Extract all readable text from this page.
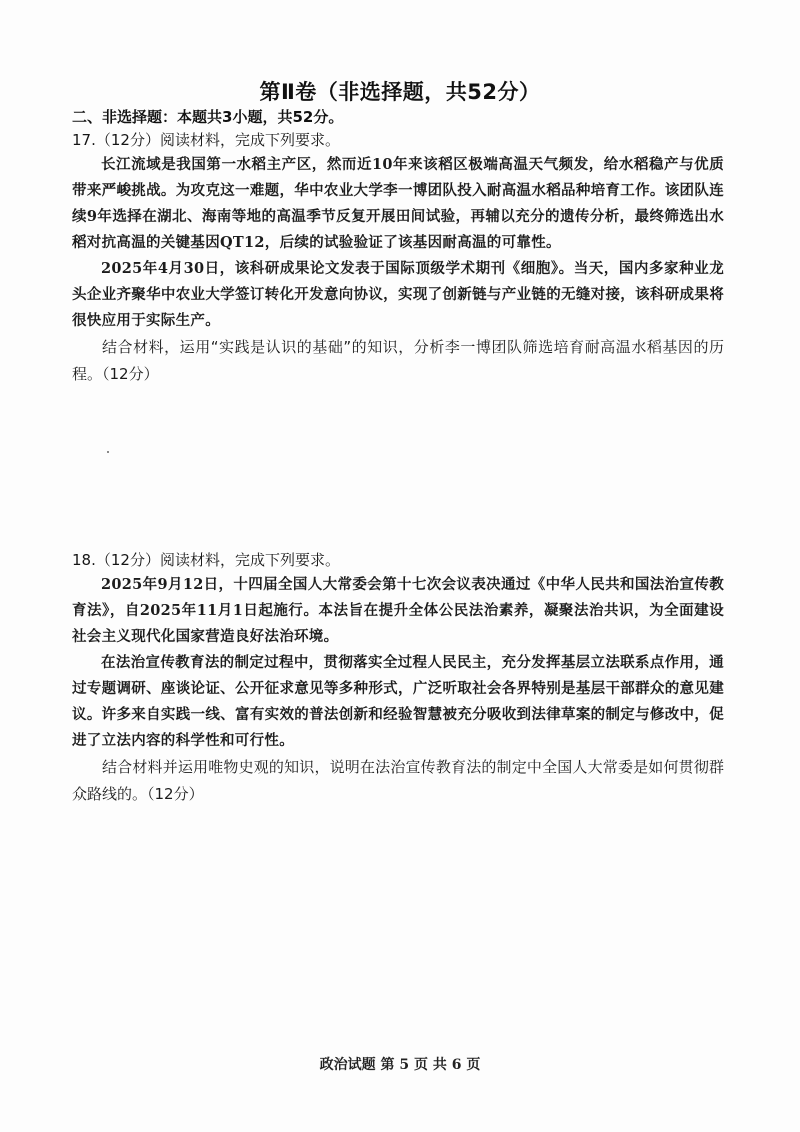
第Ⅱ卷（非选择题，共52分）
二、非选择题：本题共3小题，共52分。
17.（12分）阅读材料，完成下列要求。

长江流域是我国第一水稻主产区，然而近10年来该稻区极端高温天气频发，给水稻稳产与优质带来严峻挑战。为攻克这一难题，华中农业大学李一博团队投入耐高温水稻品种培育工作。该团队连续9年选择在湖北、海南等地的高温季节反复开展田间试验，再辅以充分的遗传分析，最终筛选出水稻对抗高温的关键基因QT12，后续的试验验证了该基因耐高温的可靠性。

2025年4月30日，该科研成果论文发表于国际顶级学术期刊《细胞》。当天，国内多家种业龙头企业齐聚华中农业大学签订转化开发意向协议，实现了创新链与产业链的无缝对接，该科研成果将很快应用于实际生产。

结合材料，运用“实践是认识的基础”的知识，分析李一博团队筛选培育耐高温水稻基因的历程。（12分）

18.（12分）阅读材料，完成下列要求。

2025年9月12日，十四届全国人大常委会第十七次会议表决通过《中华人民共和国法治宣传教育法》，自2025年11月1日起施行。本法旨在提升全体公民法治素养，凝聚法治共识，为全面建设社会主义现代化国家营造良好法治环境。

在法治宣传教育法的制定过程中，贯彻落实全过程人民民主，充分发挥基层立法联系点作用，通过专题调研、座谈论证、公开征求意见等多种形式，广泛听取社会各界特别是基层干部群众的意见建议。许多来自实践一线、富有实效的普法创新和经验智慧被充分吸收到法律草案的制定与修改中，促进了立法内容的科学性和可行性。

结合材料并运用唯物史观的知识，说明在法治宣传教育法的制定中全国人大常委是如何贯彻群众路线的。（12分）

政治试题 第 5 页 共 6 页
